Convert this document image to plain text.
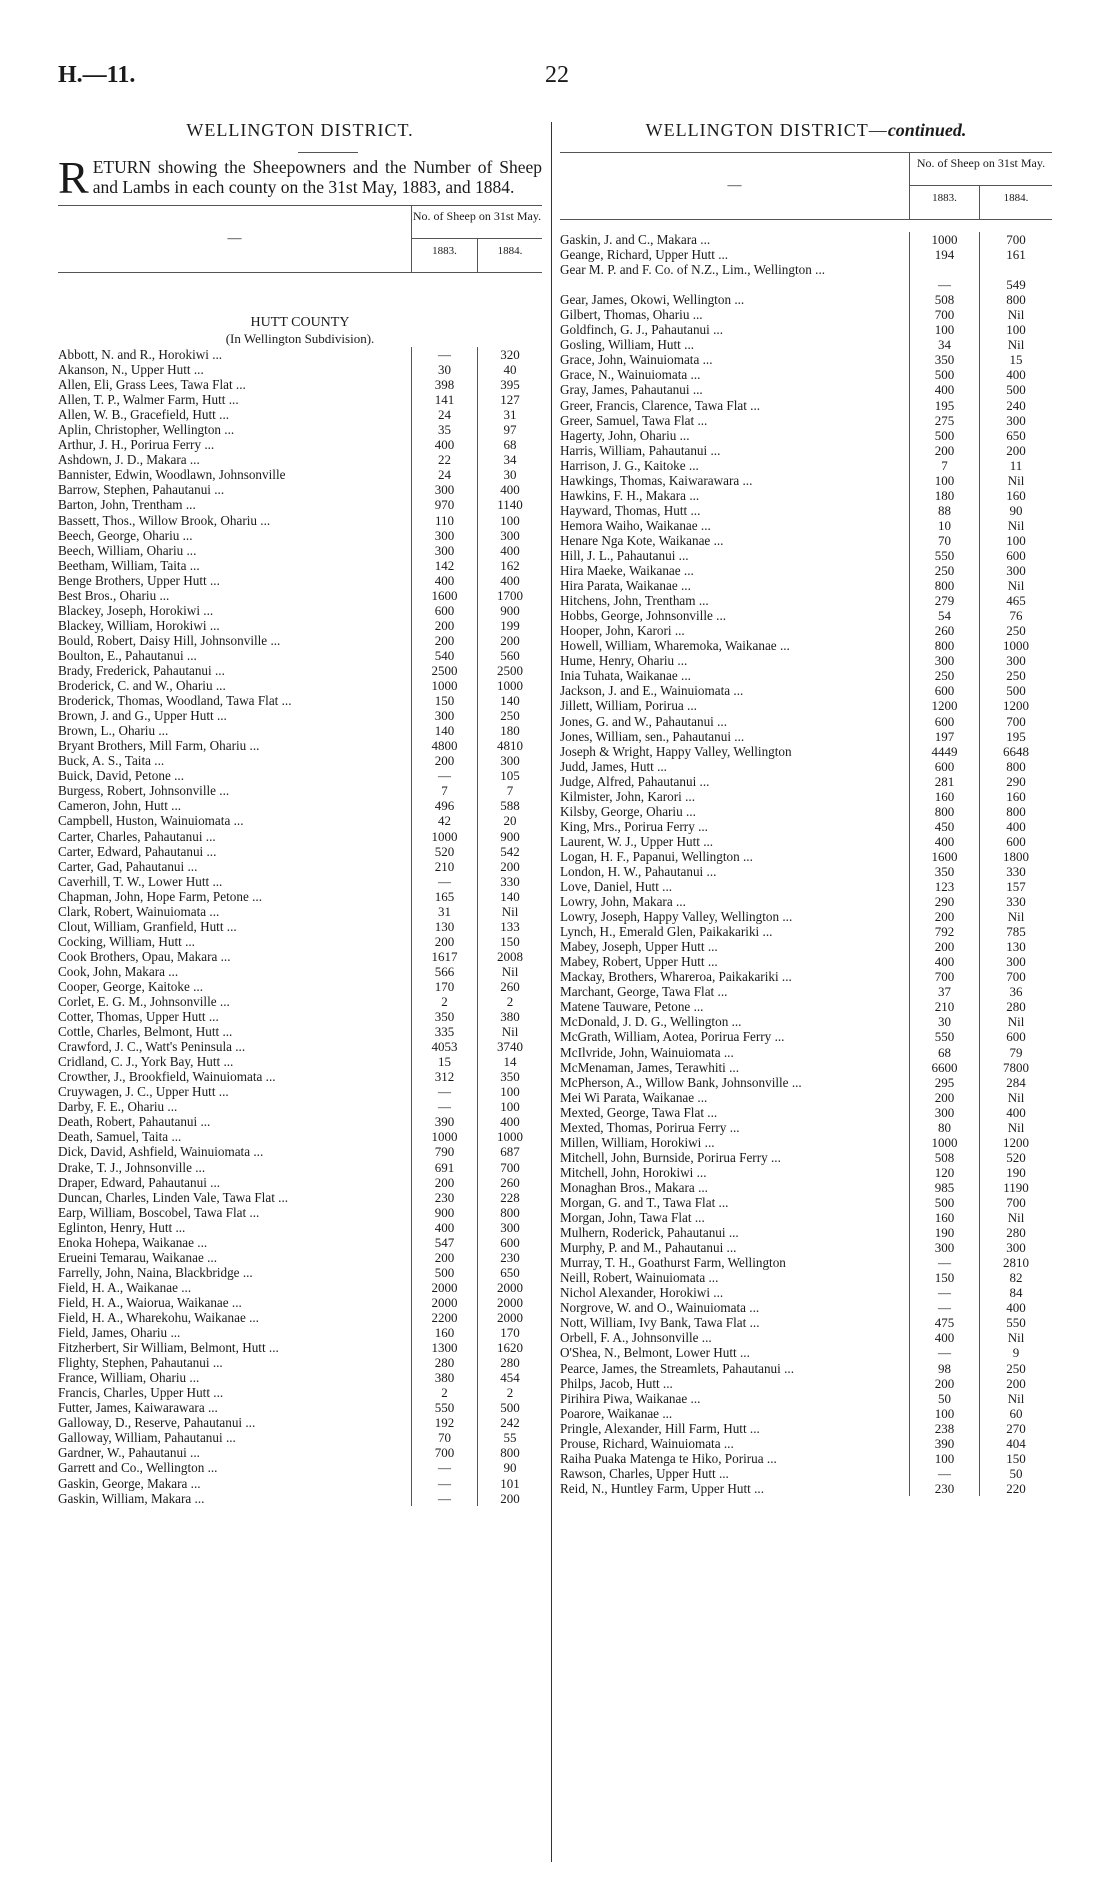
H.—11.	22
WELLINGTON DISTRICT.
RETURN showing the Sheepowners and the Number of Sheep and Lambs in each county on the 31st May, 1883, and 1884.
—
No. of Sheep on 31st May.
1883.	1884.
HUTT COUNTY
(In Wellington Subdivision).
Abbott, N. and R., Horokiwi ...	—	320
Akanson, N., Upper Hutt ...	30	40
Allen, Eli, Grass Lees, Tawa Flat ...	398	395
Allen, T. P., Walmer Farm, Hutt ...	141	127
Allen, W. B., Gracefield, Hutt ...	24	31
Aplin, Christopher, Wellington ...	35	97
Arthur, J. H., Porirua Ferry ...	400	68
Ashdown, J. D., Makara ...	22	34
Bannister, Edwin, Woodlawn, Johnsonville	24	30
Barrow, Stephen, Pahautanui ...	300	400
Barton, John, Trentham ...	970	1140
Bassett, Thos., Willow Brook, Ohariu ...	110	100
Beech, George, Ohariu ...	300	300
Beech, William, Ohariu ...	300	400
Beetham, William, Taita ...	142	162
Benge Brothers, Upper Hutt ...	400	400
Best Bros., Ohariu ...	1600	1700
Blackey, Joseph, Horokiwi ...	600	900
Blackey, William, Horokiwi ...	200	199
Bould, Robert, Daisy Hill, Johnsonville ...	200	200
Boulton, E., Pahautanui ...	540	560
Brady, Frederick, Pahautanui ...	2500	2500
Broderick, C. and W., Ohariu ...	1000	1000
Broderick, Thomas, Woodland, Tawa Flat ...	150	140
Brown, J. and G., Upper Hutt ...	300	250
Brown, L., Ohariu ...	140	180
Bryant Brothers, Mill Farm, Ohariu ...	4800	4810
Buck, A. S., Taita ...	200	300
Buick, David, Petone ...	—	105
Burgess, Robert, Johnsonville ...	7	7
Cameron, John, Hutt ...	496	588
Campbell, Huston, Wainuiomata ...	42	20
Carter, Charles, Pahautanui ...	1000	900
Carter, Edward, Pahautanui ...	520	542
Carter, Gad, Pahautanui ...	210	200
Caverhill, T. W., Lower Hutt ...	—	330
Chapman, John, Hope Farm, Petone ...	165	140
Clark, Robert, Wainuiomata ...	31	Nil
Clout, William, Granfield, Hutt ...	130	133
Cocking, William, Hutt ...	200	150
Cook Brothers, Opau, Makara ...	1617	2008
Cook, John, Makara ...	566	Nil
Cooper, George, Kaitoke ...	170	260
Corlet, E. G. M., Johnsonville ...	2	2
Cotter, Thomas, Upper Hutt ...	350	380
Cottle, Charles, Belmont, Hutt ...	335	Nil
Crawford, J. C., Watt's Peninsula ...	4053	3740
Cridland, C. J., York Bay, Hutt ...	15	14
Crowther, J., Brookfield, Wainuiomata ...	312	350
Cruywagen, J. C., Upper Hutt ...	—	100
Darby, F. E., Ohariu ...	—	100
Death, Robert, Pahautanui ...	390	400
Death, Samuel, Taita ...	1000	1000
Dick, David, Ashfield, Wainuiomata ...	790	687
Drake, T. J., Johnsonville ...	691	700
Draper, Edward, Pahautanui ...	200	260
Duncan, Charles, Linden Vale, Tawa Flat ...	230	228
Earp, William, Boscobel, Tawa Flat ...	900	800
Eglinton, Henry, Hutt ...	400	300
Enoka Hohepa, Waikanae ...	547	600
Erueini Temarau, Waikanae ...	200	230
Farrelly, John, Naina, Blackbridge ...	500	650
Field, H. A., Waikanae ...	2000	2000
Field, H. A., Waiorua, Waikanae ...	2000	2000
Field, H. A., Wharekohu, Waikanae ...	2200	2000
Field, James, Ohariu ...	160	170
Fitzherbert, Sir William, Belmont, Hutt ...	1300	1620
Flighty, Stephen, Pahautanui ...	280	280
France, William, Ohariu ...	380	454
Francis, Charles, Upper Hutt ...	2	2
Futter, James, Kaiwarawara ...	550	500
Galloway, D., Reserve, Pahautanui ...	192	242
Galloway, William, Pahautanui ...	70	55
Gardner, W., Pahautanui ...	700	800
Garrett and Co., Wellington ...	—	90
Gaskin, George, Makara ...	—	101
Gaskin, William, Makara ...	—	200
WELLINGTON DISTRICT—continued.
—
No. of Sheep on 31st May.
1883.	1884.
Gaskin, J. and C., Makara ...	1000	700
Geange, Richard, Upper Hutt ...	194	161
Gear M. P. and F. Co. of N.Z., Lim., Wellington ...
—	549
Gear, James, Okowi, Wellington ...	508	800
Gilbert, Thomas, Ohariu ...	700	Nil
Goldfinch, G. J., Pahautanui ...	100	100
Gosling, William, Hutt ...	34	Nil
Grace, John, Wainuiomata ...	350	15
Grace, N., Wainuiomata ...	500	400
Gray, James, Pahautanui ...	400	500
Greer, Francis, Clarence, Tawa Flat ...	195	240
Greer, Samuel, Tawa Flat ...	275	300
Hagerty, John, Ohariu ...	500	650
Harris, William, Pahautanui ...	200	200
Harrison, J. G., Kaitoke ...	7	11
Hawkings, Thomas, Kaiwarawara ...	100	Nil
Hawkins, F. H., Makara ...	180	160
Hayward, Thomas, Hutt ...	88	90
Hemora Waiho, Waikanae ...	10	Nil
Henare Nga Kote, Waikanae ...	70	100
Hill, J. L., Pahautanui ...	550	600
Hira Maeke, Waikanae ...	250	300
Hira Parata, Waikanae ...	800	Nil
Hitchens, John, Trentham ...	279	465
Hobbs, George, Johnsonville ...	54	76
Hooper, John, Karori ...	260	250
Howell, William, Wharemoka, Waikanae ...	800	1000
Hume, Henry, Ohariu ...	300	300
Inia Tuhata, Waikanae ...	250	250
Jackson, J. and E., Wainuiomata ...	600	500
Jillett, William, Porirua ...	1200	1200
Jones, G. and W., Pahautanui ...	600	700
Jones, William, sen., Pahautanui ...	197	195
Joseph & Wright, Happy Valley, Wellington	4449	6648
Judd, James, Hutt ...	600	800
Judge, Alfred, Pahautanui ...	281	290
Kilmister, John, Karori ...	160	160
Kilsby, George, Ohariu ...	800	800
King, Mrs., Porirua Ferry ...	450	400
Laurent, W. J., Upper Hutt ...	400	600
Logan, H. F., Papanui, Wellington ...	1600	1800
London, H. W., Pahautanui ...	350	330
Love, Daniel, Hutt ...	123	157
Lowry, John, Makara ...	290	330
Lowry, Joseph, Happy Valley, Wellington ...	200	Nil
Lynch, H., Emerald Glen, Paikakariki ...	792	785
Mabey, Joseph, Upper Hutt ...	200	130
Mabey, Robert, Upper Hutt ...	400	300
Mackay, Brothers, Whareroa, Paikakariki ...	700	700
Marchant, George, Tawa Flat ...	37	36
Matene Tauware, Petone ...	210	280
McDonald, J. D. G., Wellington ...	30	Nil
McGrath, William, Aotea, Porirua Ferry ...	550	600
McIlvride, John, Wainuiomata ...	68	79
McMenaman, James, Terawhiti ...	6600	7800
McPherson, A., Willow Bank, Johnsonville ...	295	284
Mei Wi Parata, Waikanae ...	200	Nil
Mexted, George, Tawa Flat ...	300	400
Mexted, Thomas, Porirua Ferry ...	80	Nil
Millen, William, Horokiwi ...	1000	1200
Mitchell, John, Burnside, Porirua Ferry ...	508	520
Mitchell, John, Horokiwi ...	120	190
Monaghan Bros., Makara ...	985	1190
Morgan, G. and T., Tawa Flat ...	500	700
Morgan, John, Tawa Flat ...	160	Nil
Mulhern, Roderick, Pahautanui ...	190	280
Murphy, P. and M., Pahautanui ...	300	300
Murray, T. H., Goathurst Farm, Wellington	—	2810
Neill, Robert, Wainuiomata ...	150	82
Nichol Alexander, Horokiwi ...	—	84
Norgrove, W. and O., Wainuiomata ...	—	400
Nott, William, Ivy Bank, Tawa Flat ...	475	550
Orbell, F. A., Johnsonville ...	400	Nil
O'Shea, N., Belmont, Lower Hutt ...	—	9
Pearce, James, the Streamlets, Pahautanui ...	98	250
Philps, Jacob, Hutt ...	200	200
Pirihira Piwa, Waikanae ...	50	Nil
Poarore, Waikanae ...	100	60
Pringle, Alexander, Hill Farm, Hutt ...	238	270
Prouse, Richard, Wainuiomata ...	390	404
Raiha Puaka Matenga te Hiko, Porirua ...	100	150
Rawson, Charles, Upper Hutt ...	—	50
Reid, N., Huntley Farm, Upper Hutt ...	230	220
